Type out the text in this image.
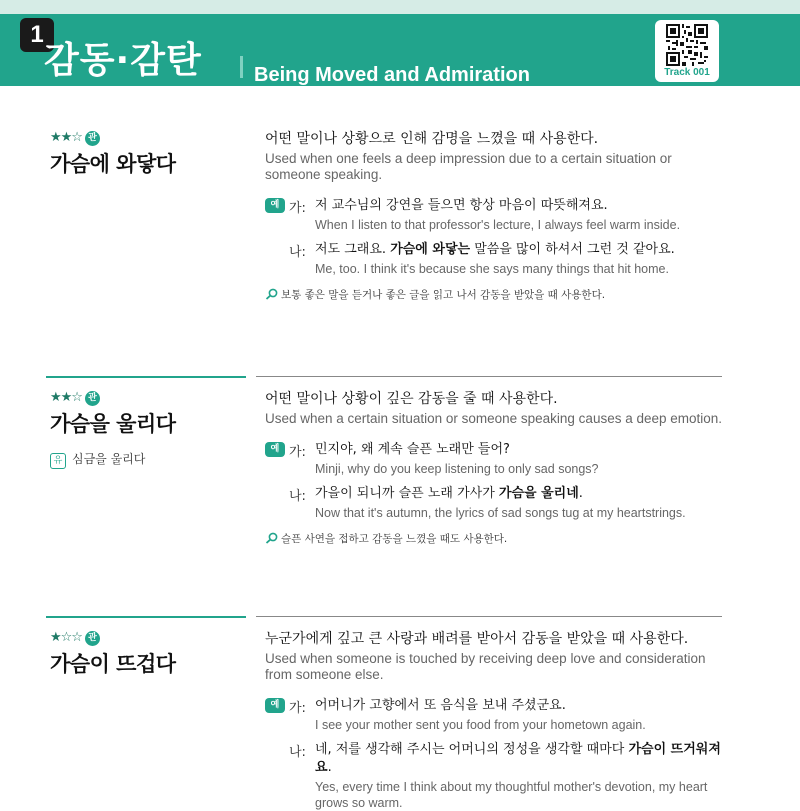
1
감동·감탄	Being Moved and Admiration	Track 001
★★☆ 관
가슴에 와닿다
어떤 말이나 상황으로 인해 감명을 느꼈을 때 사용한다.
Used when one feels a deep impression due to a certain situation or someone speaking.
예 가: 저 교수님의 강연을 들으면 항상 마음이 따뜻해져요.
When I listen to that professor's lecture, I always feel warm inside.
나: 저도 그래요. 가슴에 와닿는 말씀을 많이 하셔서 그런 것 같아요.
Me, too. I think it's because she says many things that hit home.
보통 좋은 말을 듣거나 좋은 글을 읽고 나서 감동을 받았을 때 사용한다.
★★☆ 관
가슴을 울리다
유 심금을 울리다
어떤 말이나 상황이 깊은 감동을 줄 때 사용한다.
Used when a certain situation or someone speaking causes a deep emotion.
예 가: 민지야, 왜 계속 슬픈 노래만 들어?
Minji, why do you keep listening to only sad songs?
나: 가을이 되니까 슬픈 노래 가사가 가슴을 울리네.
Now that it's autumn, the lyrics of sad songs tug at my heartstrings.
슬픈 사연을 접하고 감동을 느꼈을 때도 사용한다.
★☆☆ 관
가슴이 뜨겁다
누군가에게 깊고 큰 사랑과 배려를 받아서 감동을 받았을 때 사용한다.
Used when someone is touched by receiving deep love and consideration from someone else.
예 가: 어머니가 고향에서 또 음식을 보내 주셨군요.
I see your mother sent you food from your hometown again.
나: 네, 저를 생각해 주시는 어머니의 정성을 생각할 때마다 가슴이 뜨거워져요.
Yes, every time I think about my thoughtful mother's devotion, my heart grows so warm.
